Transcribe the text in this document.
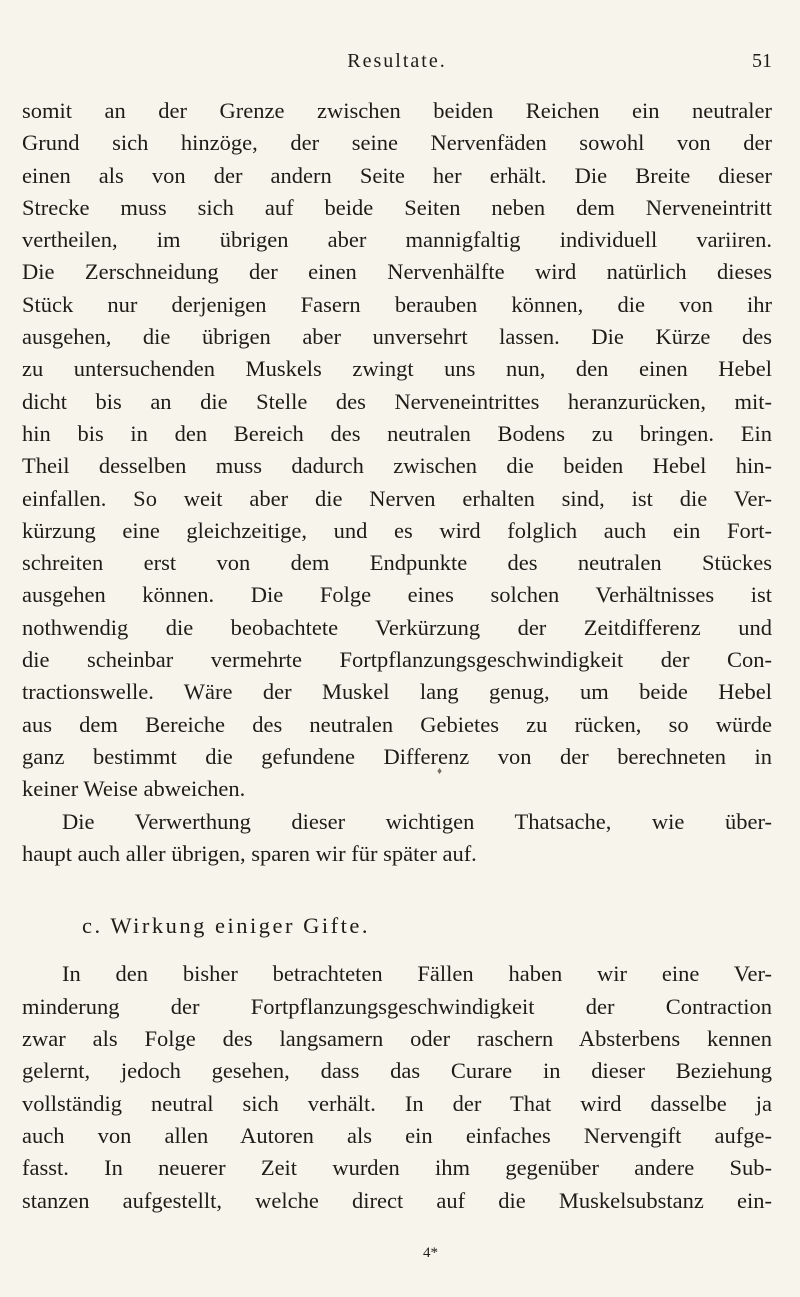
Resultate.	51
somit an der Grenze zwischen beiden Reichen ein neutraler
Grund sich hinzöge, der seine Nervenfäden sowohl von der
einen als von der andern Seite her erhält. Die Breite dieser
Strecke muss sich auf beide Seiten neben dem Nerveneintritt
vertheilen, im übrigen aber mannigfaltig individuell variiren.
Die Zerschneidung der einen Nervenhälfte wird natürlich dieses
Stück nur derjenigen Fasern berauben können, die von ihr
ausgehen, die übrigen aber unversehrt lassen. Die Kürze des
zu untersuchenden Muskels zwingt uns nun, den einen Hebel
dicht bis an die Stelle des Nerveneintrittes heranzurücken, mit-
hin bis in den Bereich des neutralen Bodens zu bringen. Ein
Theil desselben muss dadurch zwischen die beiden Hebel hin-
einfallen. So weit aber die Nerven erhalten sind, ist die Ver-
kürzung eine gleichzeitige, und es wird folglich auch ein Fort-
schreiten erst von dem Endpunkte des neutralen Stückes
ausgehen können. Die Folge eines solchen Verhältnisses ist
nothwendig die beobachtete Verkürzung der Zeitdifferenz und
die scheinbar vermehrte Fortpflanzungsgeschwindigkeit der Con-
tractionswelle. Wäre der Muskel lang genug, um beide Hebel
aus dem Bereiche des neutralen Gebietes zu rücken, so würde
ganz bestimmt die gefundene Differenz von der berechneten in
keiner Weise abweichen.
Die Verwerthung dieser wichtigen Thatsache, wie über-
haupt auch aller übrigen, sparen wir für später auf.
c. Wirkung einiger Gifte.
In den bisher betrachteten Fällen haben wir eine Ver-
minderung der Fortpflanzungsgeschwindigkeit der Contraction
zwar als Folge des langsamern oder raschern Absterbens kennen
gelernt, jedoch gesehen, dass das Curare in dieser Beziehung
vollständig neutral sich verhält. In der That wird dasselbe ja
auch von allen Autoren als ein einfaches Nervengift aufge-
fasst. In neuerer Zeit wurden ihm gegenüber andere Sub-
stanzen aufgestellt, welche direct auf die Muskelsubstanz ein-
♦
4*
